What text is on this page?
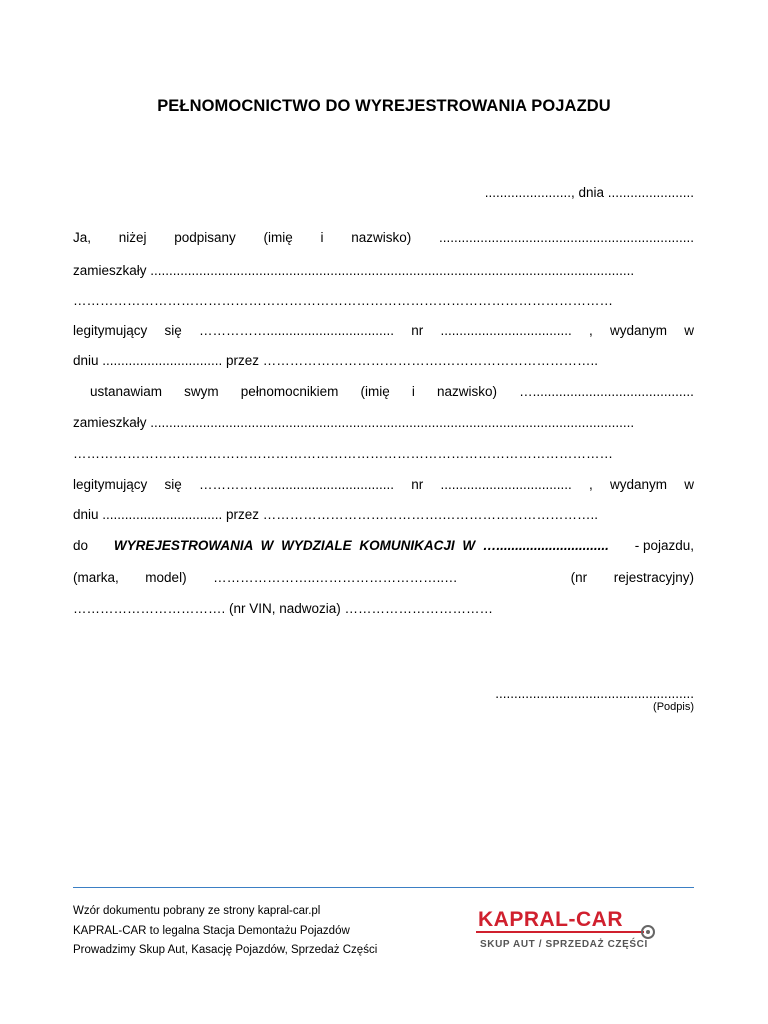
PEŁNOMOCNICTWO DO WYREJESTROWANIA POJAZDU
......................., dnia .......................
Ja, niżej podpisany (imię i nazwisko) ....................................................................
zamieszkały .................................................................................................................................
…………………………………………………………………………………………………………
legitymujący się …………….................................. nr ................................... , wydanym w
dniu ................................ przez ………………………………….……………………………..
ustanawiam swym pełnomocnikiem (imię i nazwisko) …...........................................
zamieszkały .................................................................................................................................
…………………………………………………………………………………………………………
legitymujący się …………….................................. nr ................................... , wydanym w
dniu ................................ przez ………………………………….……………………………..
do WYREJESTROWANIA W WYDZIALE KOMUNIKACJI W ….............................. - pojazdu,
(marka, model) …………………..………………………..…	(nr rejestracyjny)
……………………………. (nr VIN, nadwozia) ……………………………
.....................................................
(Podpis)
Wzór dokumentu pobrany ze strony kapral-car.pl
KAPRAL-CAR to legalna Stacja Demontażu Pojazdów
Prowadzimy Skup Aut, Kasację Pojazdów, Sprzedaż Części
KAPRAL-CAR
SKUP AUT / SPRZEDAŻ CZĘŚCI
